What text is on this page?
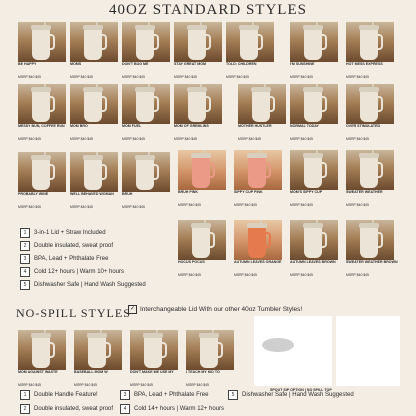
40OZ STANDARD STYLES
NO-SPILL STYLES
BE HAPPY
MSRP $40 $45
MOMS
MSRP $40 $45
DON'T BUG ME
MSRP $40 $45
STAY GREAT MOM
MSRP $40 $45
TOLD: CHILDREN
MSRP $40 $45
I'M SUNSHINE
MSRP $40 $45
HOT MESS EXPRESS
MSRP $40 $45
MESSY BUN, COFFEE RUN
MSRP $40 $45
MOM BRO
MSRP $40 $45
MOM FUEL
MSRP $40 $45
MOM OF GREMLINS
MSRP $40 $45
MOTHER HUSTLER
MSRP $40 $45
NORMAL TODAY
MSRP $40 $45
OVER STIMULATED
MSRP $40 $45
PROBABLY WINE
MSRP $40 $45
WELL BEHAVED WOMAN
MSRP $40 $45
BRUH
MSRP $40 $45
BRUH PINK
MSRP $40 $45
SIPPY CUP PINK
MSRP $40 $45
MOM'S SIPPY CUP
MSRP $40 $45
SWEATER WEATHER
MSRP $40 $45
HOCUS POCUS
MSRP $40 $45
AUTUMN LEAVES ORANGE
MSRP $40 $45
AUTUMN LEAVES BROWN
MSRP $40 $45
SWEATER WEATHER BROWN
MSRP $40 $45
MOM AGAINST WASTE
MSRP $40 $45
BASEBALL MOM W
MSRP $40 $45
DON'T MAKE ME USE MY
MSRP $40 $45
I TEACH MY KID TO
MSRP $40 $45
✓ Interchangeable Lid With our other 40oz Tumbler Styles!
SPOUT SIP OPTION | NO SPILL TOP
1	3-in-1 Lid + Straw Included
2	Double insulated, sweat proof
3	BPA, Lead + Phthalate Free
4	Cold 12+ hours | Warm 10+ hours
5	Dishwasher Safe | Hand Wash Suggested
1	Double Handle Feature!
2	Double insulated, sweat proof
3	BPA, Lead + Phthalate Free
4	Cold 14+ hours | Warm 12+ hours
5	Dishwasher Safe | Hand Wash Suggested
